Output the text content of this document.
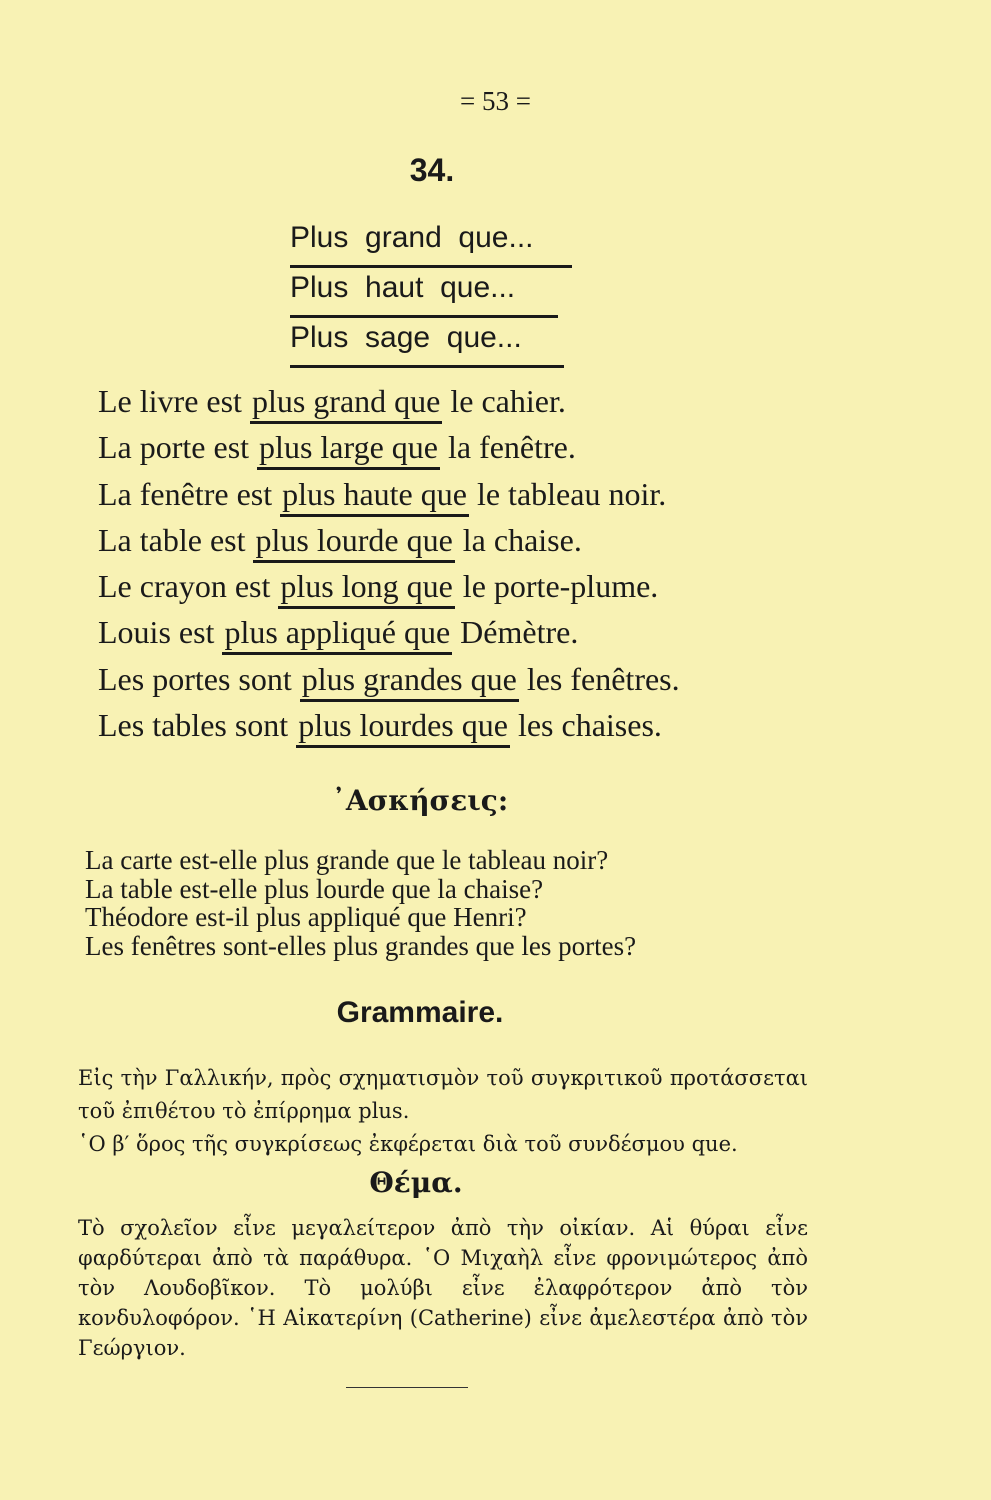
= 53 =
34.
Plus  grand  que...
Plus  haut  que...
Plus  sage  que...
Le livre est plus grand que le cahier.
La porte est plus large que la fenêtre.
La fenêtre est plus haute que le tableau noir.
La table est plus lourde que la chaise.
Le crayon est plus long que le porte-plume.
Louis est plus appliqué que Démètre.
Les portes sont plus grandes que les fenêtres.
Les tables sont plus lourdes que les chaises.
᾿Ασκήσεις:
La carte est-elle plus grande que le tableau noir?
La table est-elle plus lourde que la chaise?
Théodore est-il plus appliqué que Henri?
Les fenêtres sont-elles plus grandes que les portes?
Grammaire.

Εἰς τὴν Γαλλικήν, πρὸς σχηματισμὸν τοῦ συγκριτικοῦ προτάσσεται τοῦ ἐπιθέτου τὸ ἐπίρρημα plus.

῾Ο β′ ὅρος τῆς συγκρίσεως ἐκφέρεται διὰ τοῦ συνδέσμου que.

Θέμα.
Τὸ σχολεῖον εἶνε μεγαλείτερον ἀπὸ τὴν οἰκίαν. Αἱ θύραι εἶνε φαρδύτεραι ἀπὸ τὰ παράθυρα. ῾Ο Μιχαὴλ εἶνε φρονιμώτερος ἀπὸ τὸν Λουδοβῖκον. Τὸ μολύβι εἶνε ἐλαφρότερον ἀπὸ τὸν κονδυλοφόρον. ῾Η Αἰκατερίνη (Catherine) εἶνε ἀμελεστέρα ἀπὸ τὸν Γεώργιον.
